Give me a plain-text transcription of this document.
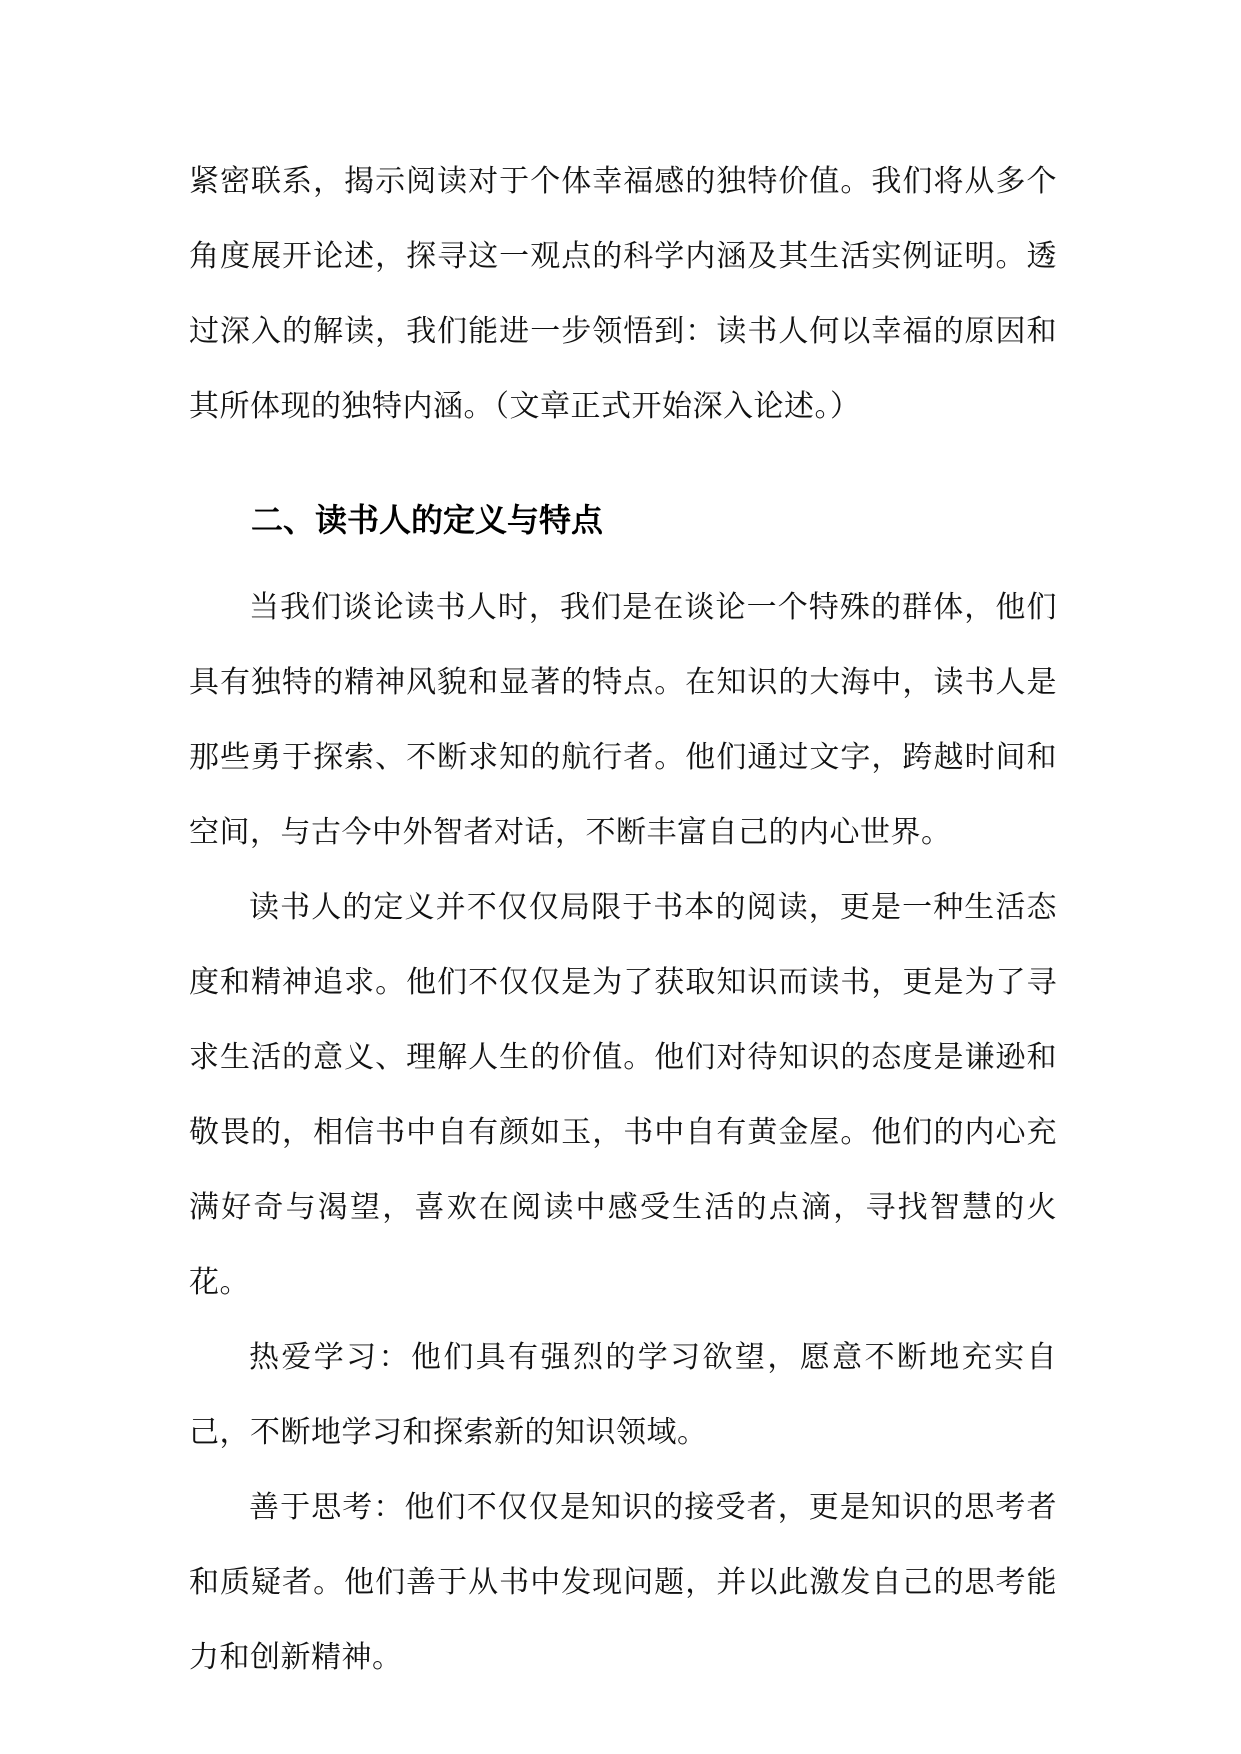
紧密联系，揭示阅读对于个体幸福感的独特价值。我们将从多个角度展开论述，探寻这一观点的科学内涵及其生活实例证明。透过深入的解读，我们能进一步领悟到：读书人何以幸福的原因和其所体现的独特内涵。（文章正式开始深入论述。）

二、读书人的定义与特点

当我们谈论读书人时，我们是在谈论一个特殊的群体，他们具有独特的精神风貌和显著的特点。在知识的大海中，读书人是那些勇于探索、不断求知的航行者。他们通过文字，跨越时间和空间，与古今中外智者对话，不断丰富自己的内心世界。

读书人的定义并不仅仅局限于书本的阅读，更是一种生活态度和精神追求。他们不仅仅是为了获取知识而读书，更是为了寻求生活的意义、理解人生的价值。他们对待知识的态度是谦逊和敬畏的，相信书中自有颜如玉，书中自有黄金屋。他们的内心充满好奇与渴望，喜欢在阅读中感受生活的点滴，寻找智慧的火花。

热爱学习：他们具有强烈的学习欲望，愿意不断地充实自己，不断地学习和探索新的知识领域。

善于思考：他们不仅仅是知识的接受者，更是知识的思考者和质疑者。他们善于从书中发现问题，并以此激发自己的思考能力和创新精神。
